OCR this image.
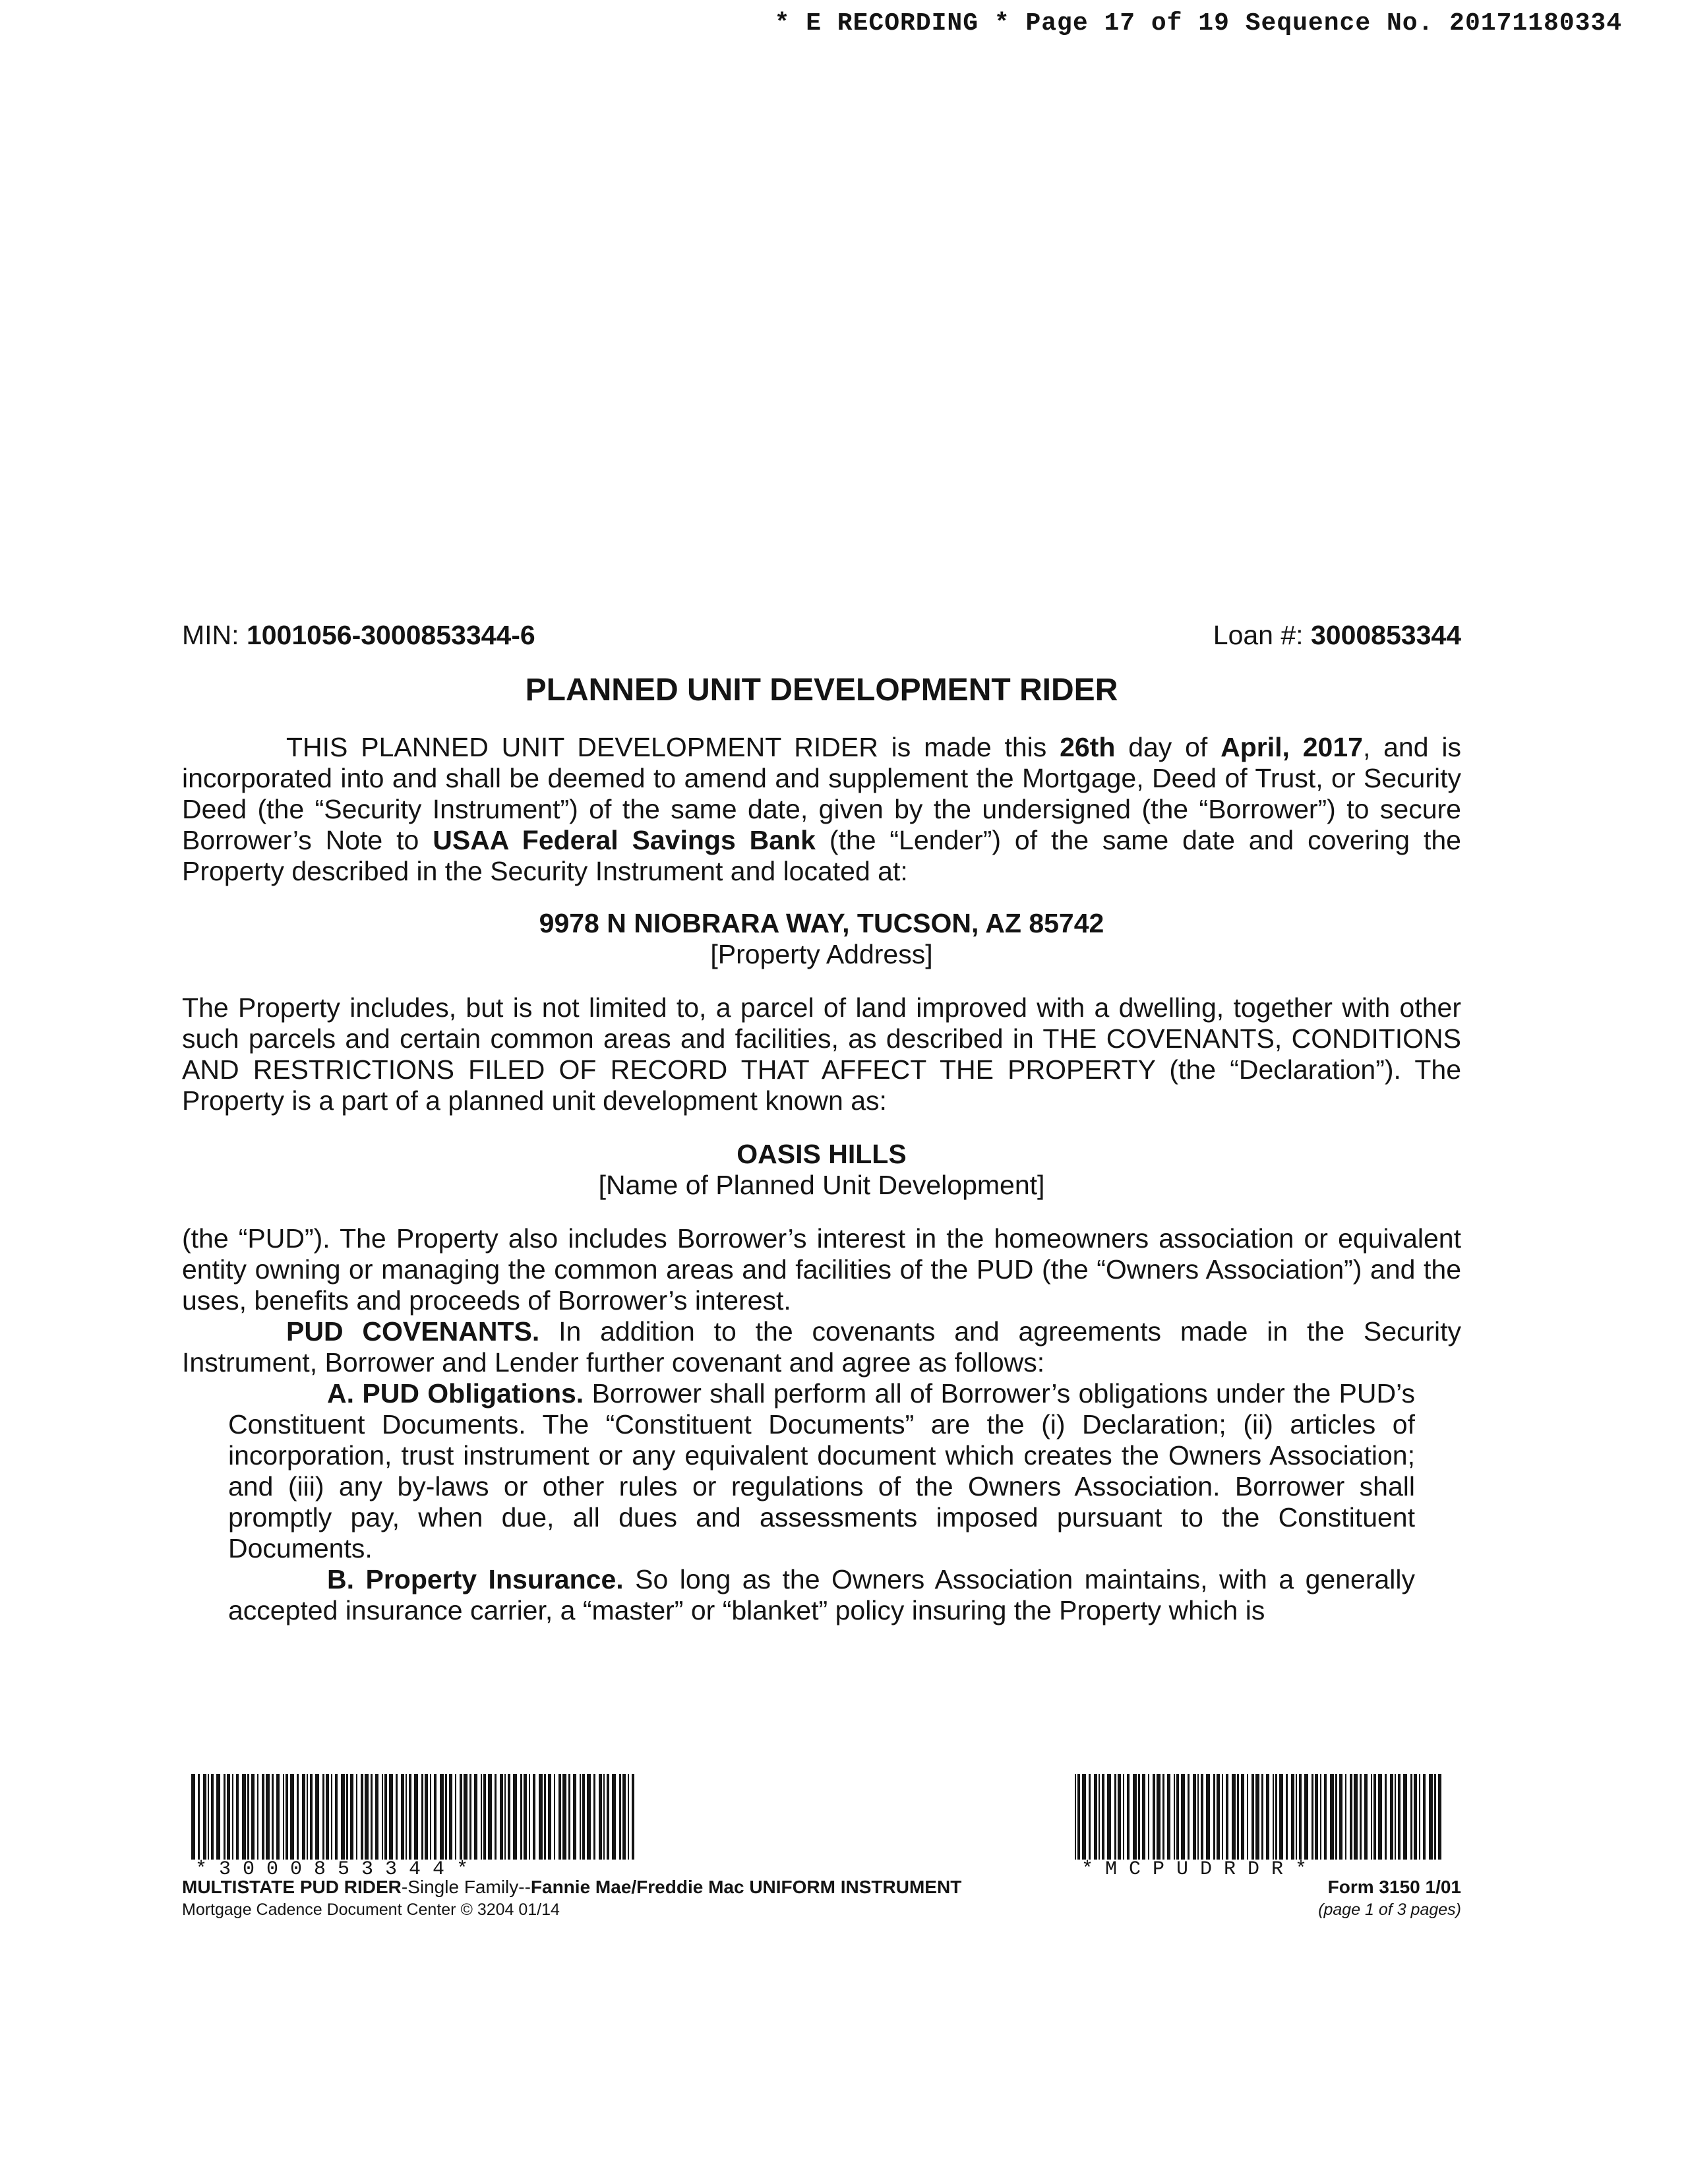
* E RECORDING * Page 17 of 19 Sequence No. 20171180334
MIN: 1001056-3000853344-6	Loan #: 3000853344
PLANNED UNIT DEVELOPMENT RIDER
THIS PLANNED UNIT DEVELOPMENT RIDER is made this 26th day of April, 2017, and is incorporated into and shall be deemed to amend and supplement the Mortgage, Deed of Trust, or Security Deed (the “Security Instrument”) of the same date, given by the undersigned (the “Borrower”) to secure Borrower’s Note to USAA Federal Savings Bank (the “Lender”) of the same date and covering the Property described in the Security Instrument and located at:
9978 N NIOBRARA WAY, TUCSON, AZ 85742
[Property Address]
The Property includes, but is not limited to, a parcel of land improved with a dwelling, together with other such parcels and certain common areas and facilities, as described in THE COVENANTS, CONDITIONS AND RESTRICTIONS FILED OF RECORD THAT AFFECT THE PROPERTY (the “Declaration”). The Property is a part of a planned unit development known as:
OASIS HILLS
[Name of Planned Unit Development]
(the “PUD”). The Property also includes Borrower’s interest in the homeowners association or equivalent entity owning or managing the common areas and facilities of the PUD (the “Owners Association”) and the uses, benefits and proceeds of Borrower’s interest.
PUD COVENANTS. In addition to the covenants and agreements made in the Security Instrument, Borrower and Lender further covenant and agree as follows:
A. PUD Obligations. Borrower shall perform all of Borrower’s obligations under the PUD’s Constituent Documents. The “Constituent Documents” are the (i) Declaration; (ii) articles of incorporation, trust instrument or any equivalent document which creates the Owners Association; and (iii) any by-laws or other rules or regulations of the Owners Association. Borrower shall promptly pay, when due, all dues and assessments imposed pursuant to the Constituent Documents.
B. Property Insurance. So long as the Owners Association maintains, with a generally accepted insurance carrier, a “master” or “blanket” policy insuring the Property which is
* 3 0 0 0 8 5 3 3 4 4 *	* M C P U D R D R *
MULTISTATE PUD RIDER-Single Family--Fannie Mae/Freddie Mac UNIFORM INSTRUMENT
Mortgage Cadence Document Center © 3204 01/14
Form 3150 1/01
(page 1 of 3 pages)
